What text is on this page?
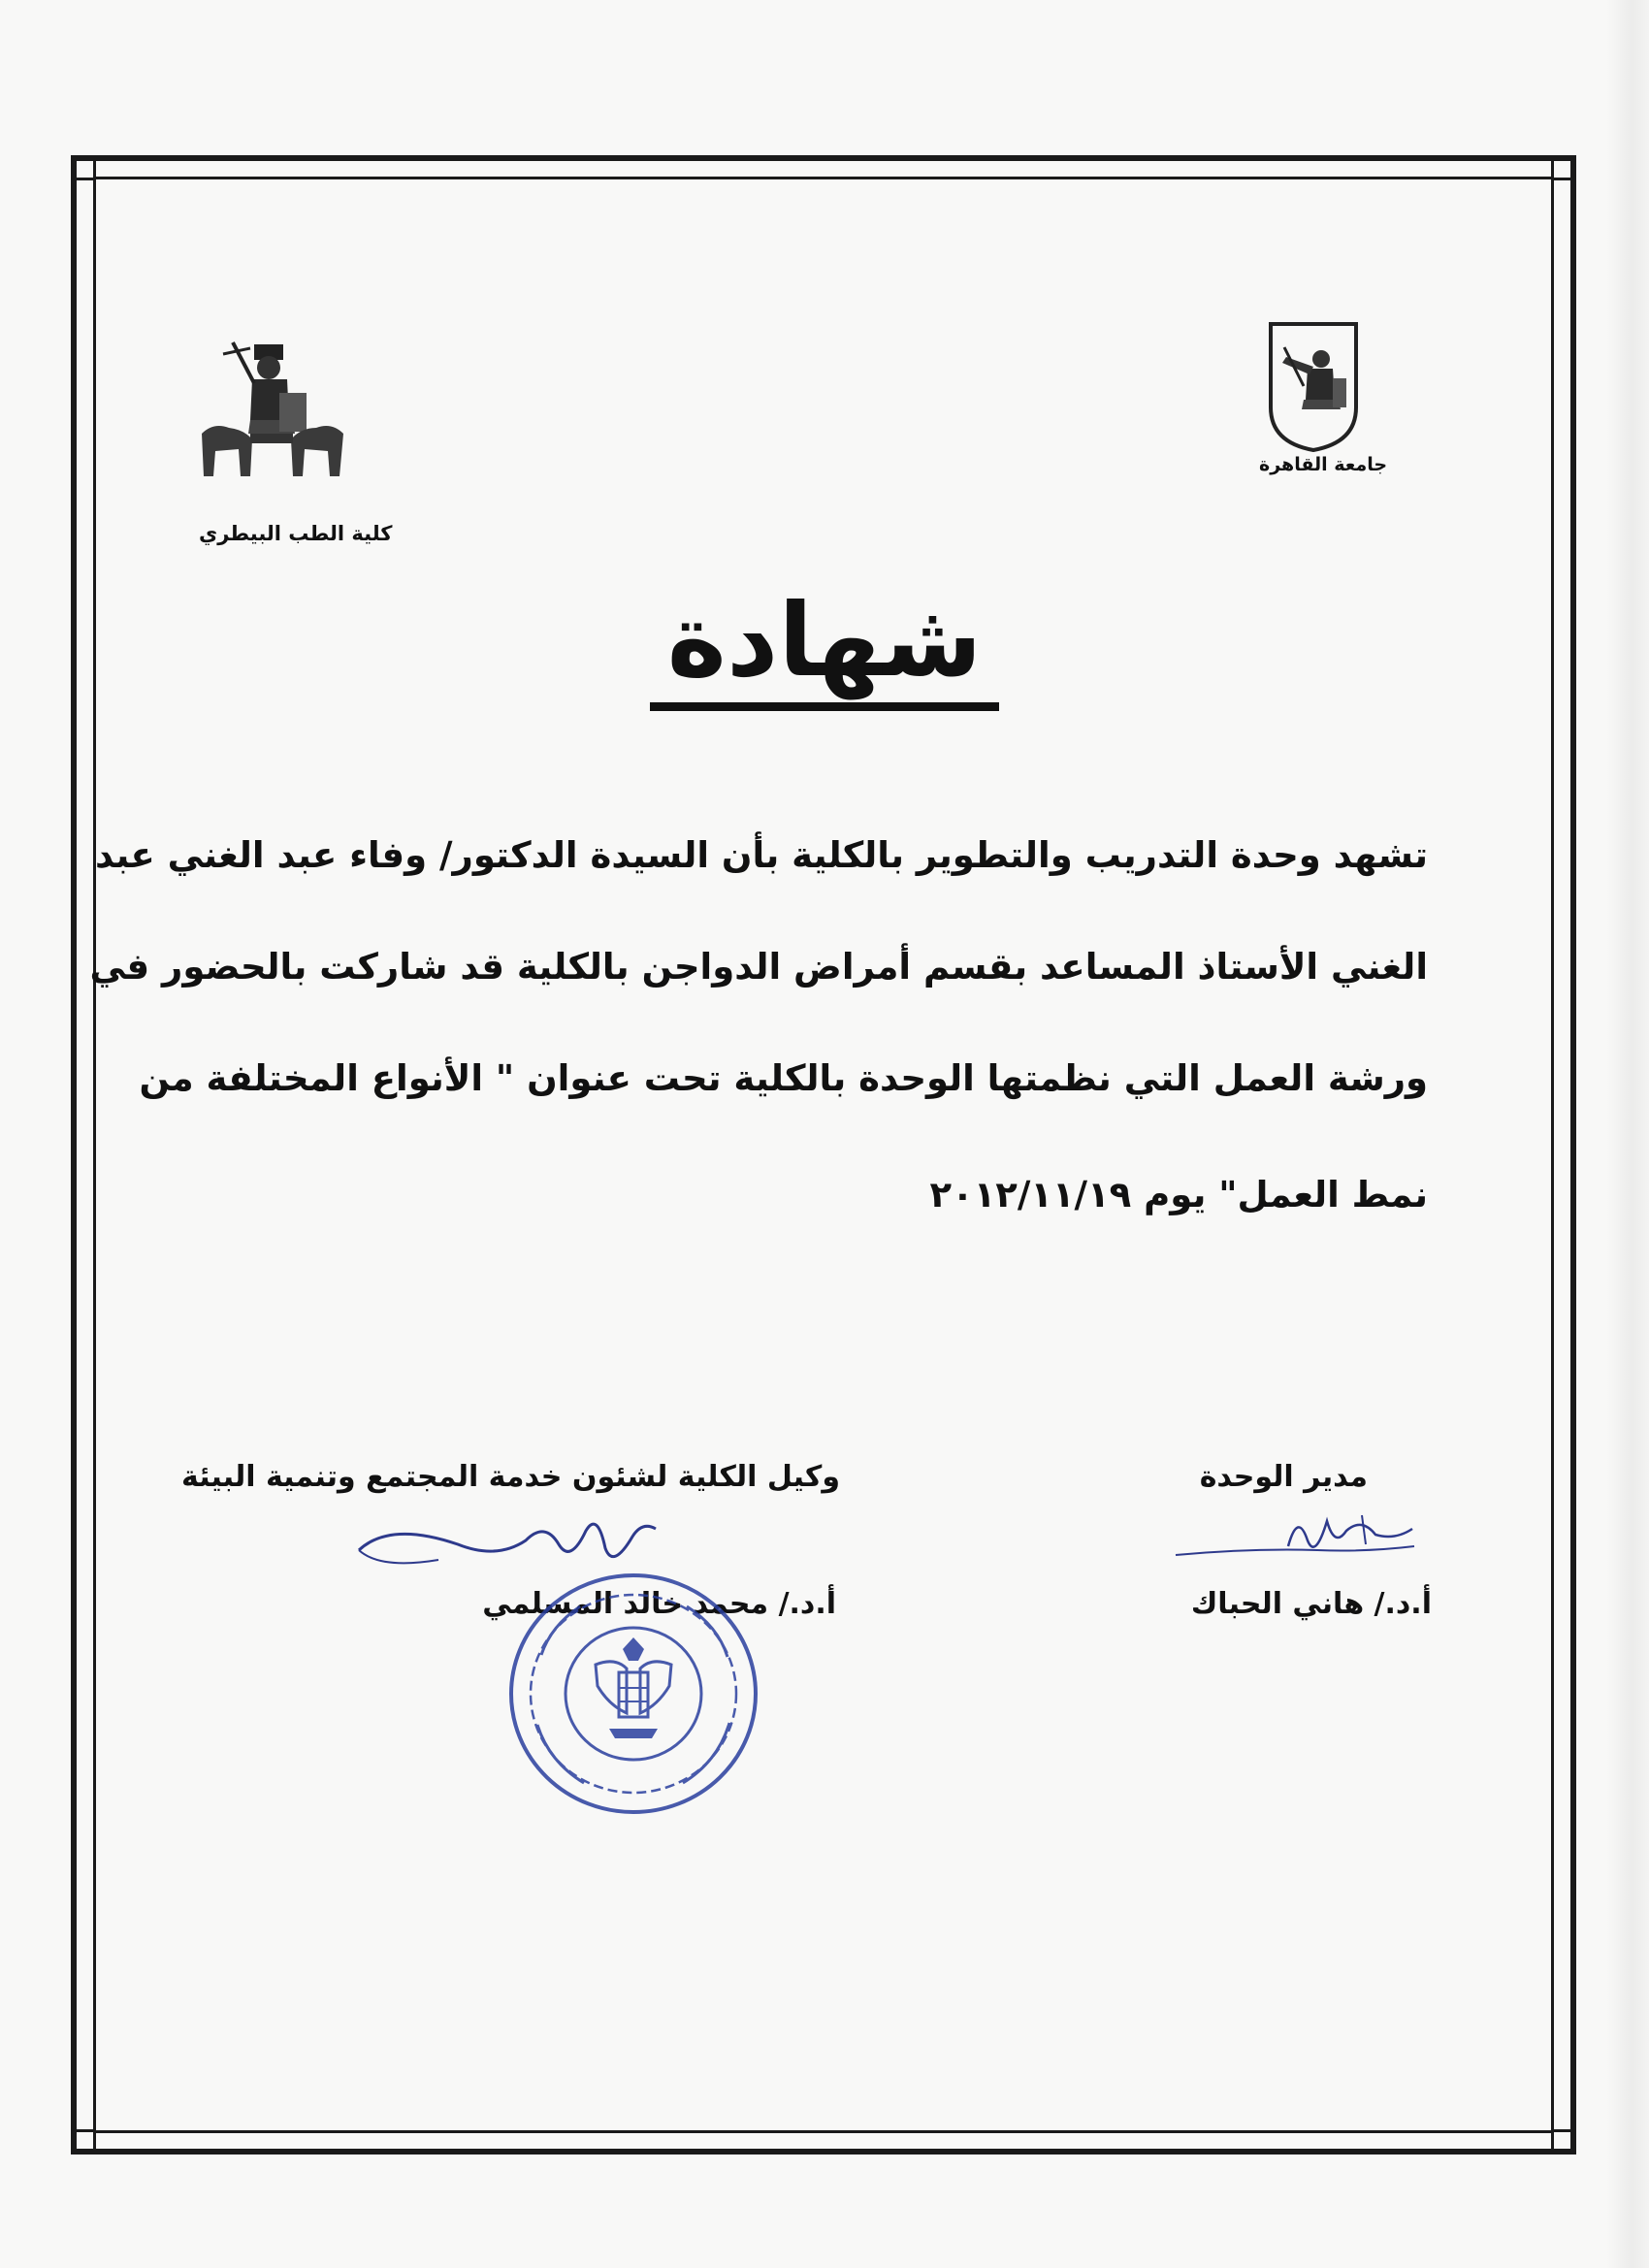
كلية الطب البيطري
جامعة القاهرة
شهادة
تشهد وحدة التدريب والتطوير بالكلية بأن السيدة الدكتور/ وفاء عبد الغني عبد
الغني الأستاذ المساعد بقسم أمراض الدواجن بالكلية قد شاركت بالحضور في
ورشة العمل التي نظمتها الوحدة بالكلية تحت عنوان " الأنواع المختلفة من
نمط العمل" يوم ٢٠١٢/١١/١٩
مدير الوحدة
أ.د./ هاني الحباك
وكيل الكلية لشئون خدمة المجتمع وتنمية البيئة
أ.د./ محمد خالد المسلمي
